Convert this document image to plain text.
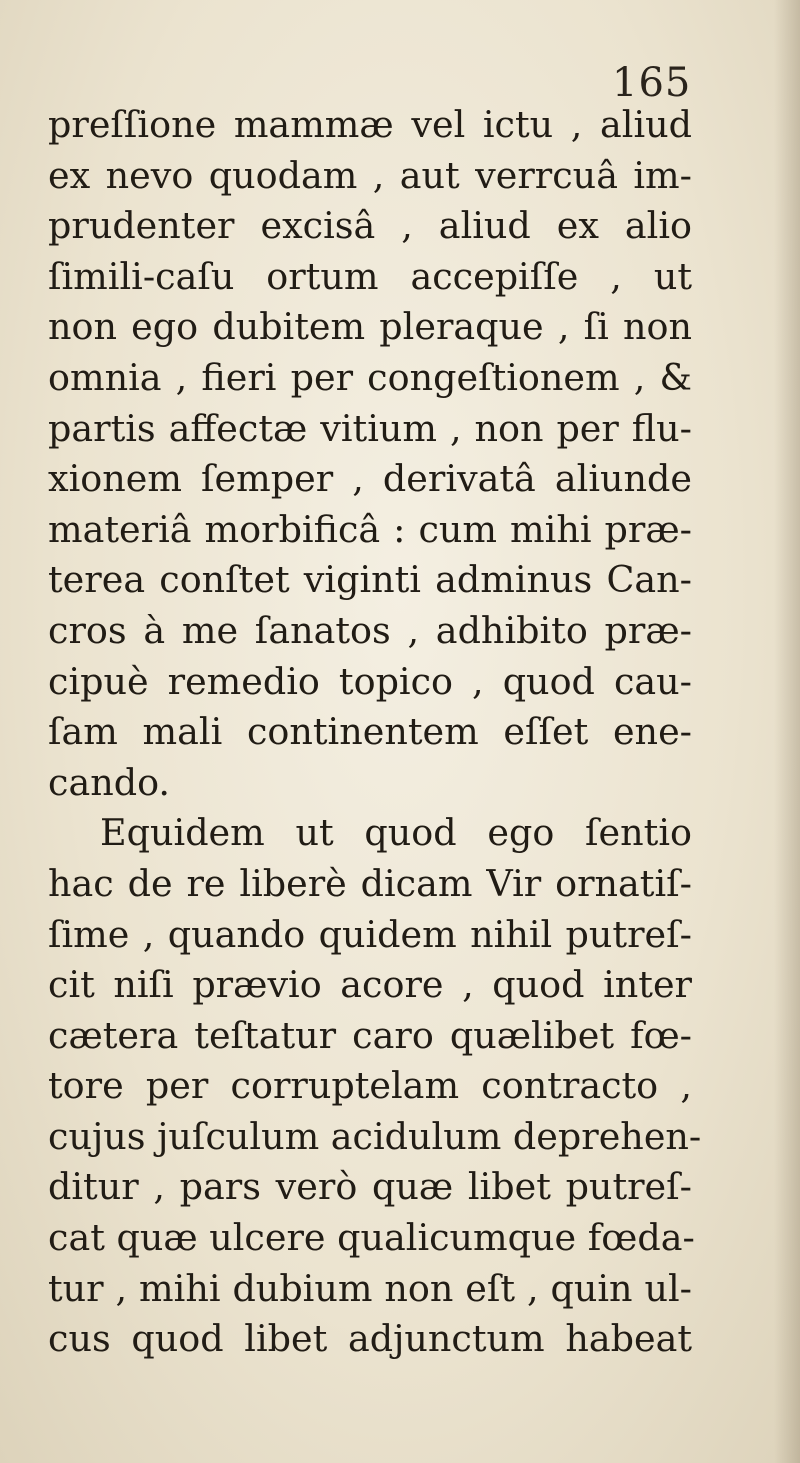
165
preſſione mammæ vel ictu , aliud
ex nevo quodam , aut verrcuâ im-
prudenter excisâ , aliud ex alio
ſimili-caſu ortum accepiſſe , ut
non ego dubitem pleraque , ſi non
omnia , fieri per congeſtionem , &
partis affectæ vitium , non per flu-
xionem ſemper , derivatâ aliunde
materiâ morbificâ : cum mihi præ-
terea conſtet viginti adminus Can-
cros à me ſanatos , adhibito præ-
cipuè remedio topico , quod cau-
ſam mali continentem eſſet ene-
cando.
Equidem ut quod ego ſentio
hac de re liberè dicam Vir ornatiſ-
ſime , quando quidem nihil putreſ-
cit niſi prævio acore , quod inter
cætera teſtatur caro quælibet fœ-
tore per corruptelam contracto ,
cujus juſculum acidulum deprehen-
ditur , pars verò quæ libet putreſ-
cat quæ ulcere qualicumque fœda-
tur , mihi dubium non eſt , quin ul-
cus quod libet adjunctum habeat
